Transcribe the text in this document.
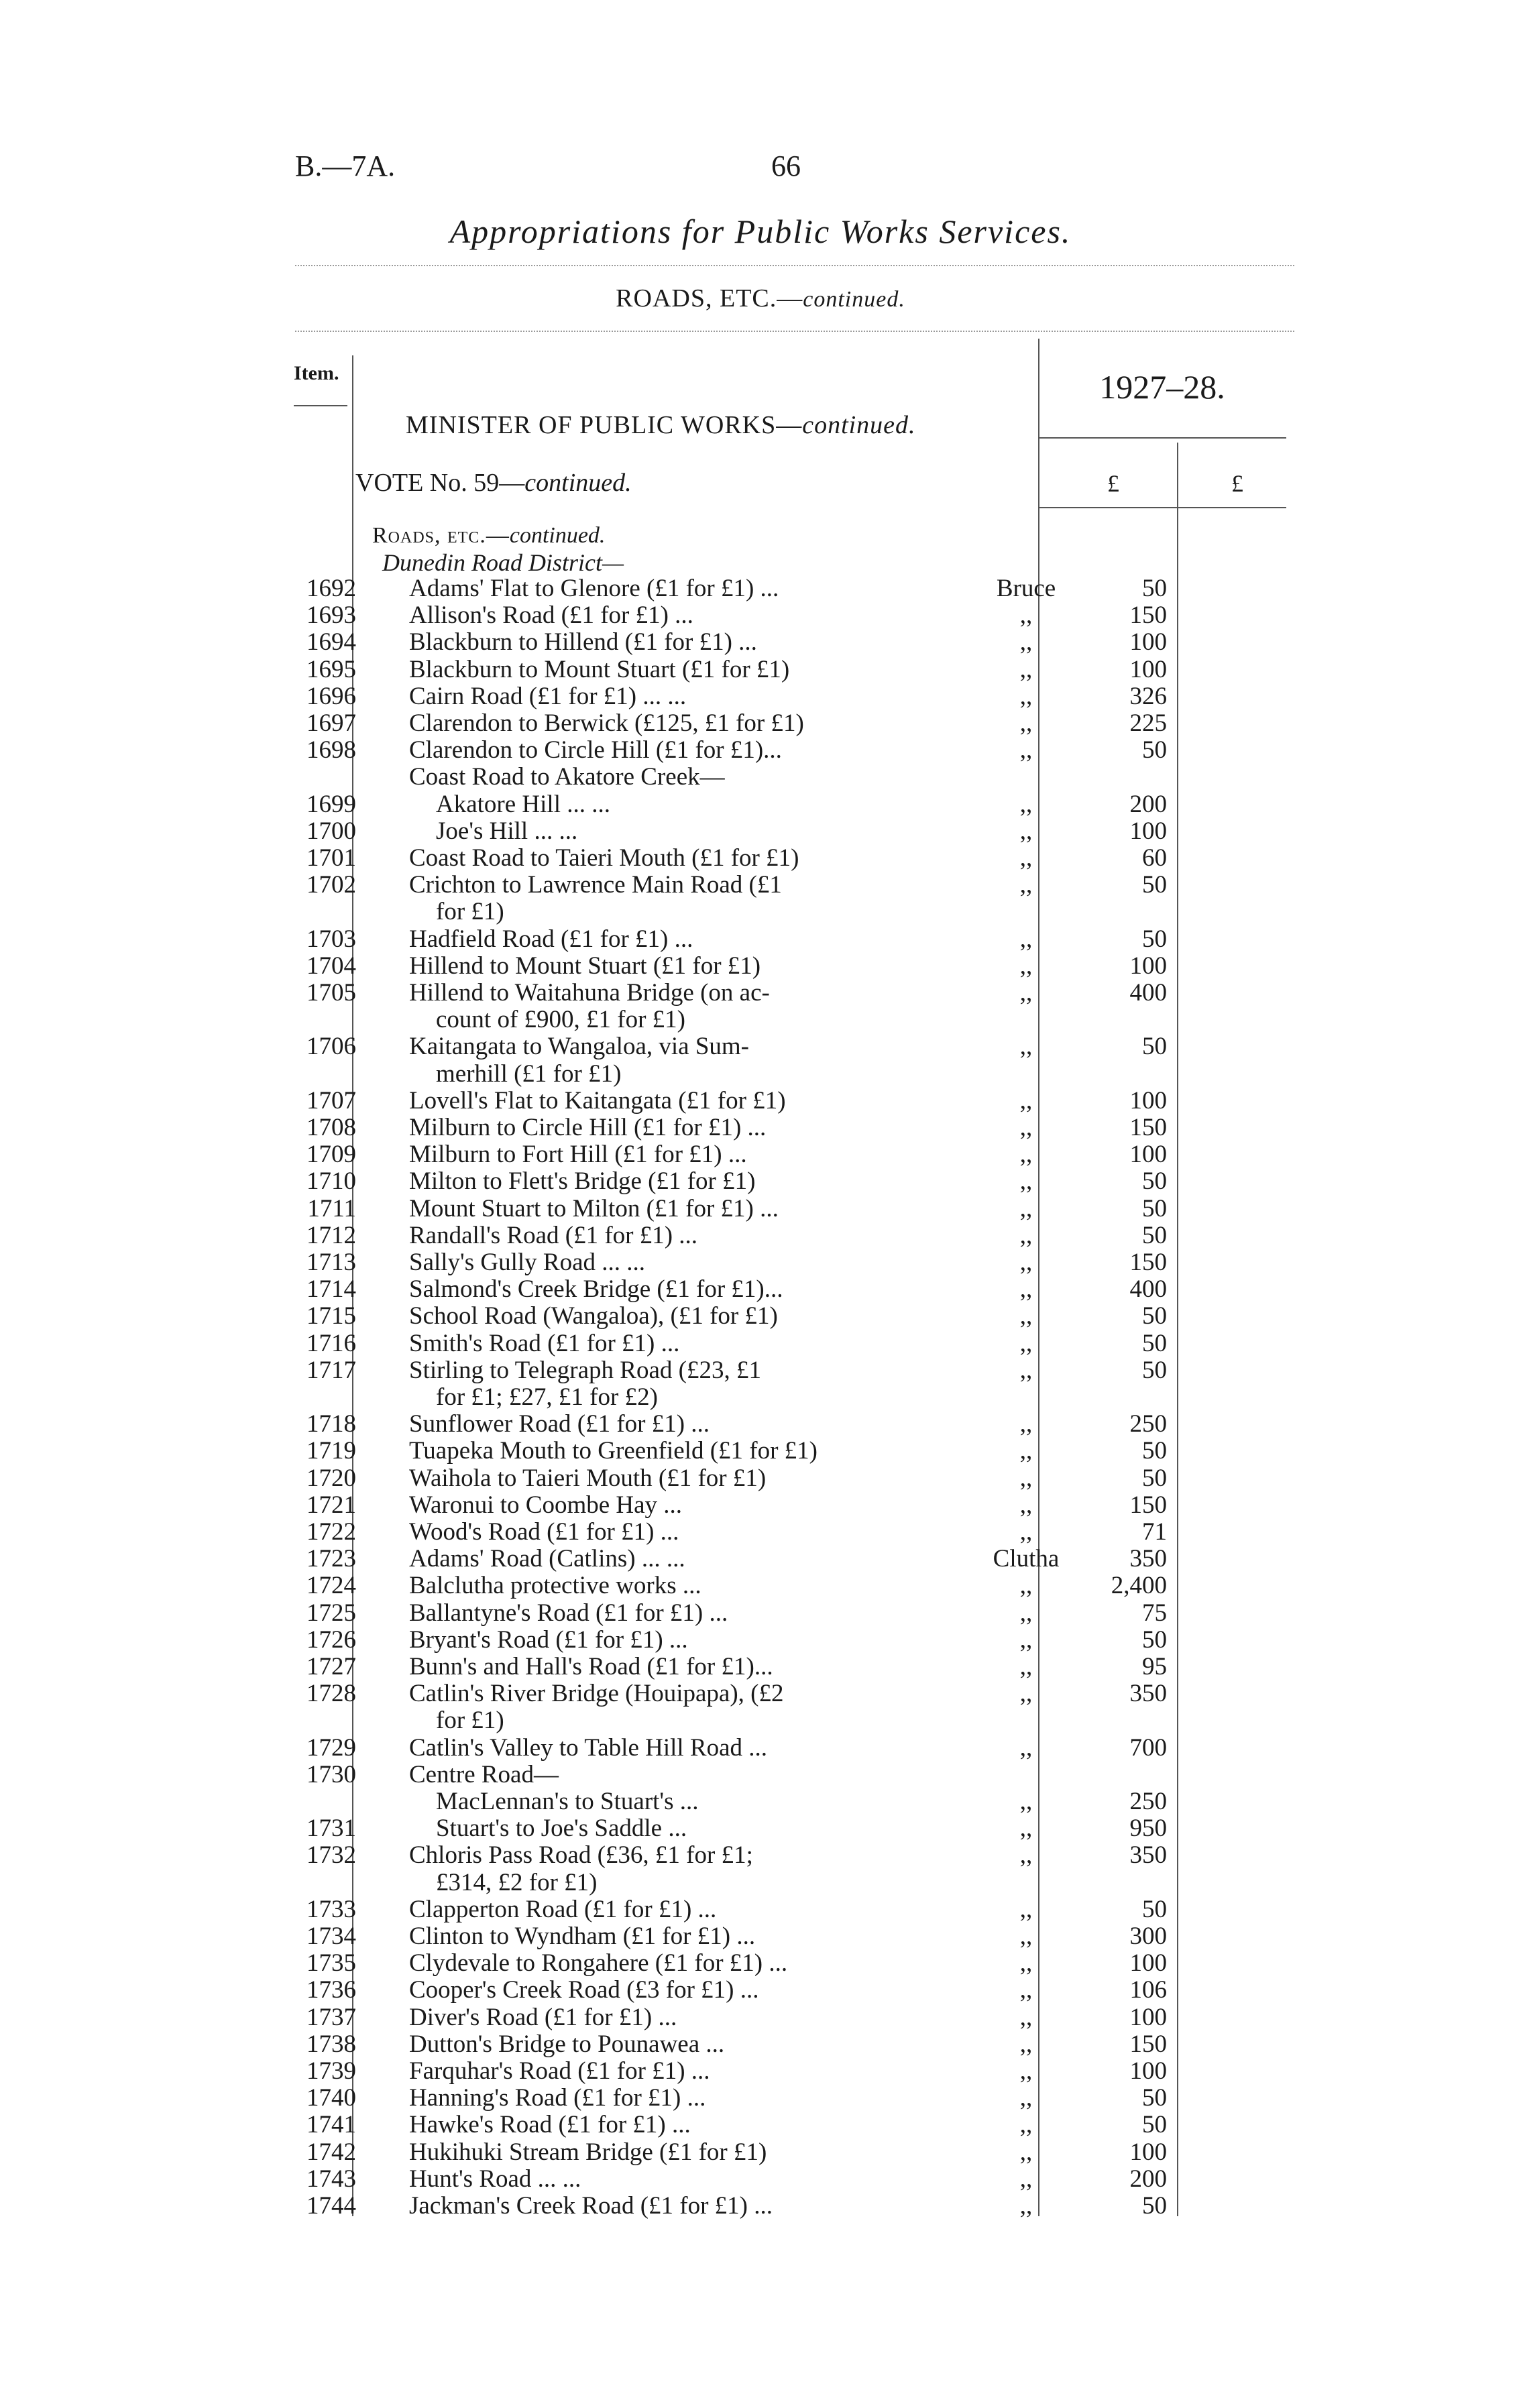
B.—7A.	66
Appropriations for Public Works Services.
ROADS, ETC.—continued.
Item.	1927–28.
MINISTER OF PUBLIC WORKS—continued.
VOTE No. 59—continued.	£	£
Roads, etc.—continued.
Dunedin Road District—
1692 Adams' Flat to Glenore (£1 for £1) ...	Bruce	50
1693 Allison's Road (£1 for £1) ...	,,	150
1694 Blackburn to Hillend (£1 for £1) ...	,,	100
1695 Blackburn to Mount Stuart (£1 for £1)	,,	100
1696 Cairn Road (£1 for £1) ... ...	,,	326
1697 Clarendon to Berwick (£125, £1 for £1)	,,	225
1698 Clarendon to Circle Hill (£1 for £1)...	,,	50
Coast Road to Akatore Creek—
1699	Akatore Hill ... ...	,,	200
1700	Joe's Hill ... ...	,,	100
1701 Coast Road to Taieri Mouth (£1 for £1)	,,	60
1702 Crichton to Lawrence Main Road (£1	,,	50
for £1)
1703 Hadfield Road (£1 for £1) ...	,,	50
1704 Hillend to Mount Stuart (£1 for £1)	,,	100
1705 Hillend to Waitahuna Bridge (on ac-	,,	400
count of £900, £1 for £1)
1706 Kaitangata to Wangaloa, via Sum-	,,	50
merhill (£1 for £1)
1707 Lovell's Flat to Kaitangata (£1 for £1)	,,	100
1708 Milburn to Circle Hill (£1 for £1) ...	,,	150
1709 Milburn to Fort Hill (£1 for £1) ...	,,	100
1710 Milton to Flett's Bridge (£1 for £1)	,,	50
1711 Mount Stuart to Milton (£1 for £1) ...	,,	50
1712 Randall's Road (£1 for £1) ...	,,	50
1713 Sally's Gully Road ... ...	,,	150
1714 Salmond's Creek Bridge (£1 for £1)...	,,	400
1715 School Road (Wangaloa), (£1 for £1)	,,	50
1716 Smith's Road (£1 for £1) ...	,,	50
1717 Stirling to Telegraph Road (£23, £1	,,	50
for £1; £27, £1 for £2)
1718 Sunflower Road (£1 for £1) ...	,,	250
1719 Tuapeka Mouth to Greenfield (£1 for £1)	,,	50
1720 Waihola to Taieri Mouth (£1 for £1)	,,	50
1721 Waronui to Coombe Hay ...	,,	150
1722 Wood's Road (£1 for £1) ...	,,	71
1723 Adams' Road (Catlins) ... ...	Clutha	350
1724 Balclutha protective works ...	,,	2,400
1725 Ballantyne's Road (£1 for £1) ...	,,	75
1726 Bryant's Road (£1 for £1) ...	,,	50
1727 Bunn's and Hall's Road (£1 for £1)...	,,	95
1728 Catlin's River Bridge (Houipapa), (£2	,,	350
for £1)
1729 Catlin's Valley to Table Hill Road ...	,,	700
1730 Centre Road—
MacLennan's to Stuart's ...	,,	250
1731	Stuart's to Joe's Saddle ...	,,	950
1732 Chloris Pass Road (£36, £1 for £1;	,,	350
£314, £2 for £1)
1733 Clapperton Road (£1 for £1) ...	,,	50
1734 Clinton to Wyndham (£1 for £1) ...	,,	300
1735 Clydevale to Rongahere (£1 for £1) ...	,,	100
1736 Cooper's Creek Road (£3 for £1) ...	,,	106
1737 Diver's Road (£1 for £1) ...	,,	100
1738 Dutton's Bridge to Pounawea ...	,,	150
1739 Farquhar's Road (£1 for £1) ...	,,	100
1740 Hanning's Road (£1 for £1) ...	,,	50
1741 Hawke's Road (£1 for £1) ...	,,	50
1742 Hukihuki Stream Bridge (£1 for £1)	,,	100
1743 Hunt's Road ... ...	,,	200
1744 Jackman's Creek Road (£1 for £1) ...	,,	50
